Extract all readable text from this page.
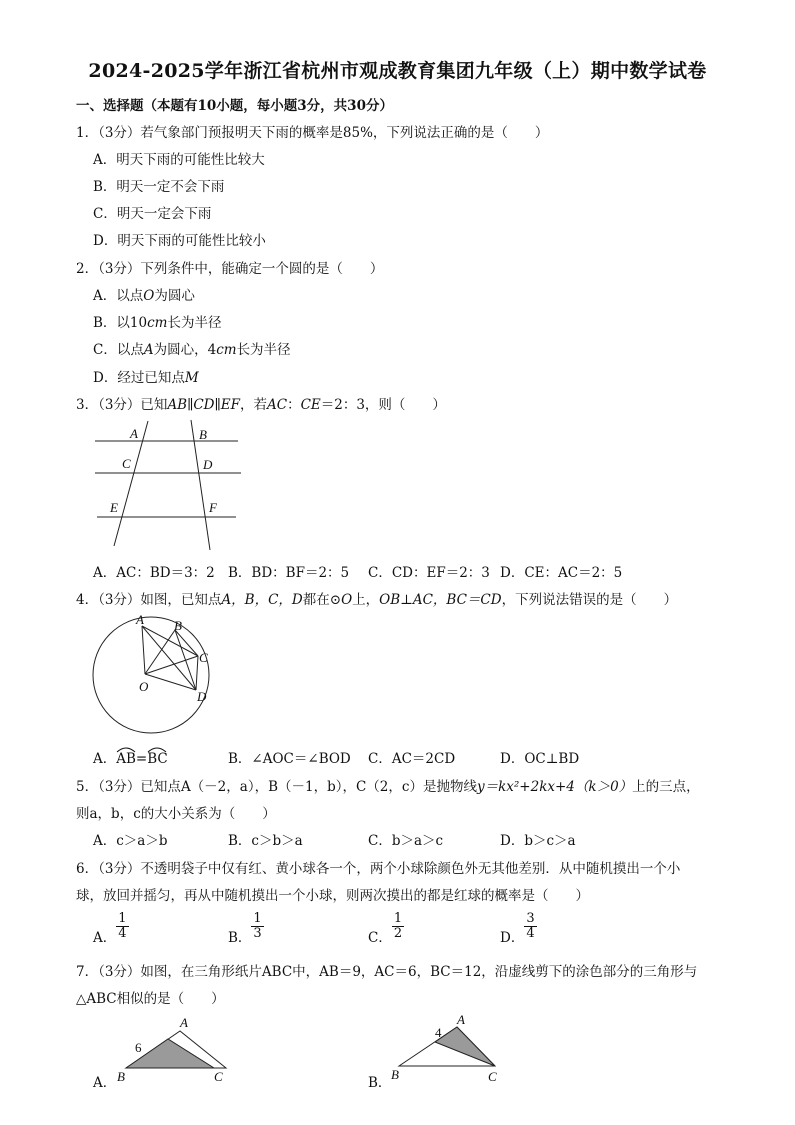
2024-2025学年浙江省杭州市观成教育集团九年级（上）期中数学试卷
一、选择题（本题有10小题，每小题3分，共30分）
1．（3分）若气象部门预报明天下雨的概率是85%，下列说法正确的是（　　）
A．明天下雨的可能性比较大
B．明天一定不会下雨
C．明天一定会下雨
D．明天下雨的可能性比较小
2．（3分）下列条件中，能确定一个圆的是（　　）
A．以点O为圆心
B．以10cm长为半径
C．以点A为圆心，4cm长为半径
D．经过已知点M
3．（3分）已知AB∥CD∥EF，若AC：CE＝2：3，则（　　）
A	B
C	D
E	F
A．AC：BD＝3：2 B．BD：BF＝2：5 C．CD：EF＝2：3 D．CE：AC＝2：5
4．（3分）如图，已知点A，B，C，D都在⊙O上，OB⊥AC，BC＝CD，下列说法错误的是（　　）
A B
C
D
O
A．
AB=
BC	B．∠AOC＝∠BOD C．AC＝2CD	D．OC⊥BD
5．（3分）已知点A（－2，a），B（－1，b），C（2，c）是抛物线y＝kx²+2kx+4（k＞0）上的三点，
则a，b，c的大小关系为（　　）
A．c＞a＞b	B．c＞b＞a	C．b＞a＞c	D．b＞c＞a
6．（3分）不透明袋子中仅有红、黄小球各一个，两个小球除颜色外无其他差别．从中随机摸出一个小
球，放回并摇匀，再从中随机摸出一个小球，则两次摸出的都是红球的概率是（　　）
A． $\frac{1}{4}$	B． $\frac{1}{3}$	C． $\frac{1}{2}$	D． $\frac{3}{4}$
7．（3分）如图，在三角形纸片ABC中，AB＝9，AC＝6，BC＝12，沿虚线剪下的涂色部分的三角形与
△ABC相似的是（　　）
A．
A
B	C
6
B．
A
B	C
4
